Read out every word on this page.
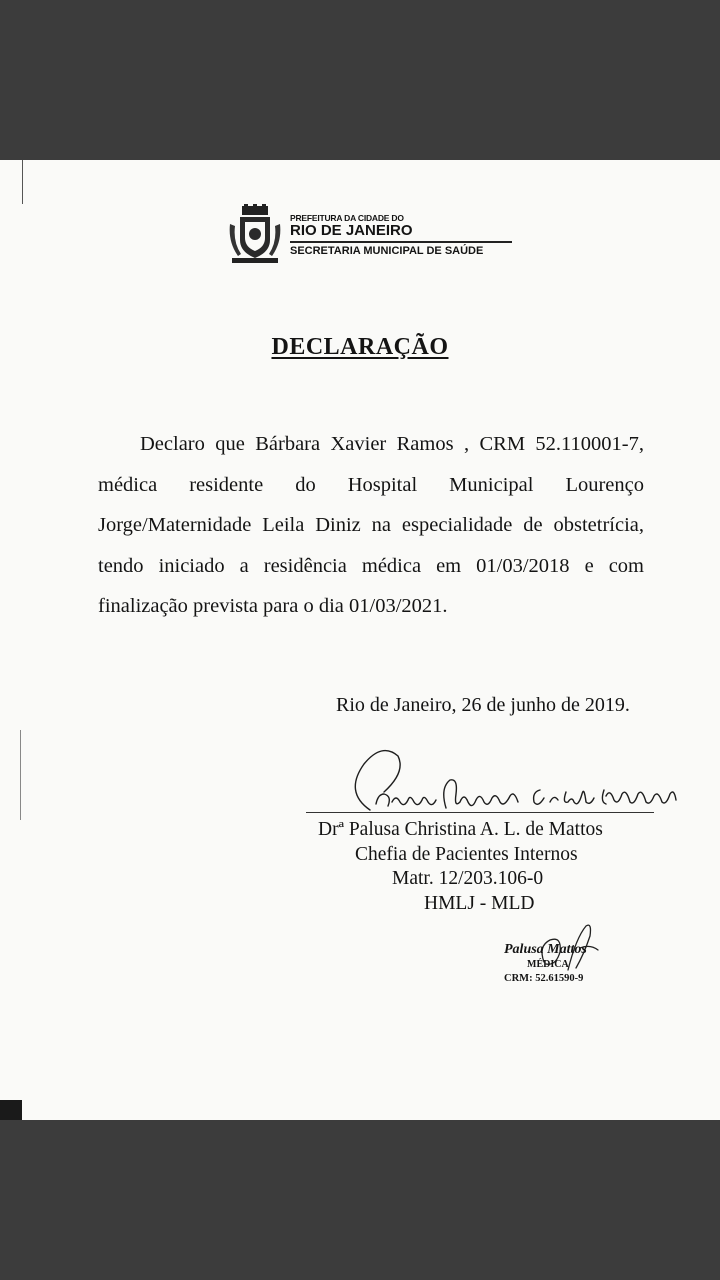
PREFEITURA DA CIDADE DO
RIO DE JANEIRO
SECRETARIA MUNICIPAL DE SAÚDE
DECLARAÇÃO

Declaro que Bárbara Xavier Ramos , CRM 52.110001-7, médica residente do Hospital Municipal Lourenço Jorge/Maternidade Leila Diniz na especialidade de obstetrícia, tendo iniciado a residência médica em 01/03/2018 e com finalização prevista para o dia 01/03/2021.

Rio de Janeiro, 26 de junho de 2019.
Drª Palusa Christina A. L. de Mattos
Chefia de Pacientes Internos
Matr. 12/203.106-0
HMLJ - MLD
Palusa Mattos
MÉDICA
CRM: 52.61590-9
